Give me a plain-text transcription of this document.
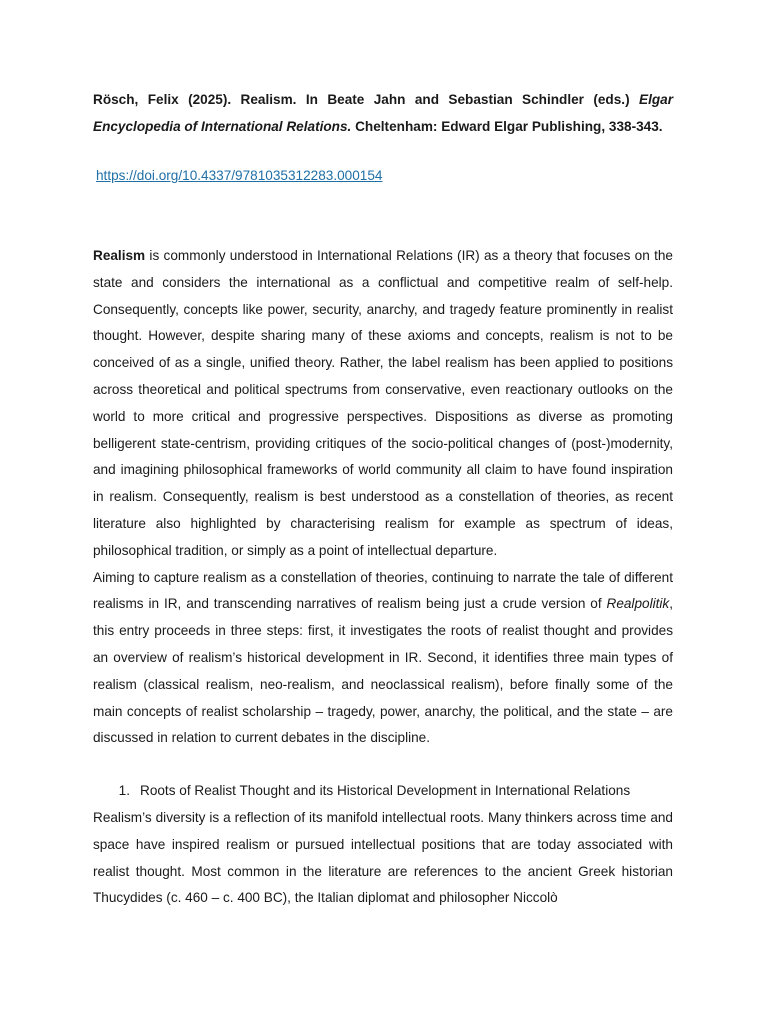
Rösch, Felix (2025). Realism. In Beate Jahn and Sebastian Schindler (eds.) Elgar Encyclopedia of International Relations. Cheltenham: Edward Elgar Publishing, 338-343.

https://doi.org/10.4337/9781035312283.000154

Realism is commonly understood in International Relations (IR) as a theory that focuses on the state and considers the international as a conflictual and competitive realm of self-help. Consequently, concepts like power, security, anarchy, and tragedy feature prominently in realist thought. However, despite sharing many of these axioms and concepts, realism is not to be conceived of as a single, unified theory. Rather, the label realism has been applied to positions across theoretical and political spectrums from conservative, even reactionary outlooks on the world to more critical and progressive perspectives. Dispositions as diverse as promoting belligerent state-centrism, providing critiques of the socio-political changes of (post-)modernity, and imagining philosophical frameworks of world community all claim to have found inspiration in realism. Consequently, realism is best understood as a constellation of theories, as recent literature also highlighted by characterising realism for example as spectrum of ideas, philosophical tradition, or simply as a point of intellectual departure.

Aiming to capture realism as a constellation of theories, continuing to narrate the tale of different realisms in IR, and transcending narratives of realism being just a crude version of Realpolitik, this entry proceeds in three steps: first, it investigates the roots of realist thought and provides an overview of realism’s historical development in IR. Second, it identifies three main types of realism (classical realism, neo-realism, and neoclassical realism), before finally some of the main concepts of realist scholarship – tragedy, power, anarchy, the political, and the state – are discussed in relation to current debates in the discipline.

1. Roots of Realist Thought and its Historical Development in International Relations

Realism’s diversity is a reflection of its manifold intellectual roots. Many thinkers across time and space have inspired realism or pursued intellectual positions that are today associated with realist thought. Most common in the literature are references to the ancient Greek historian Thucydides (c. 460 – c. 400 BC), the Italian diplomat and philosopher Niccolò
